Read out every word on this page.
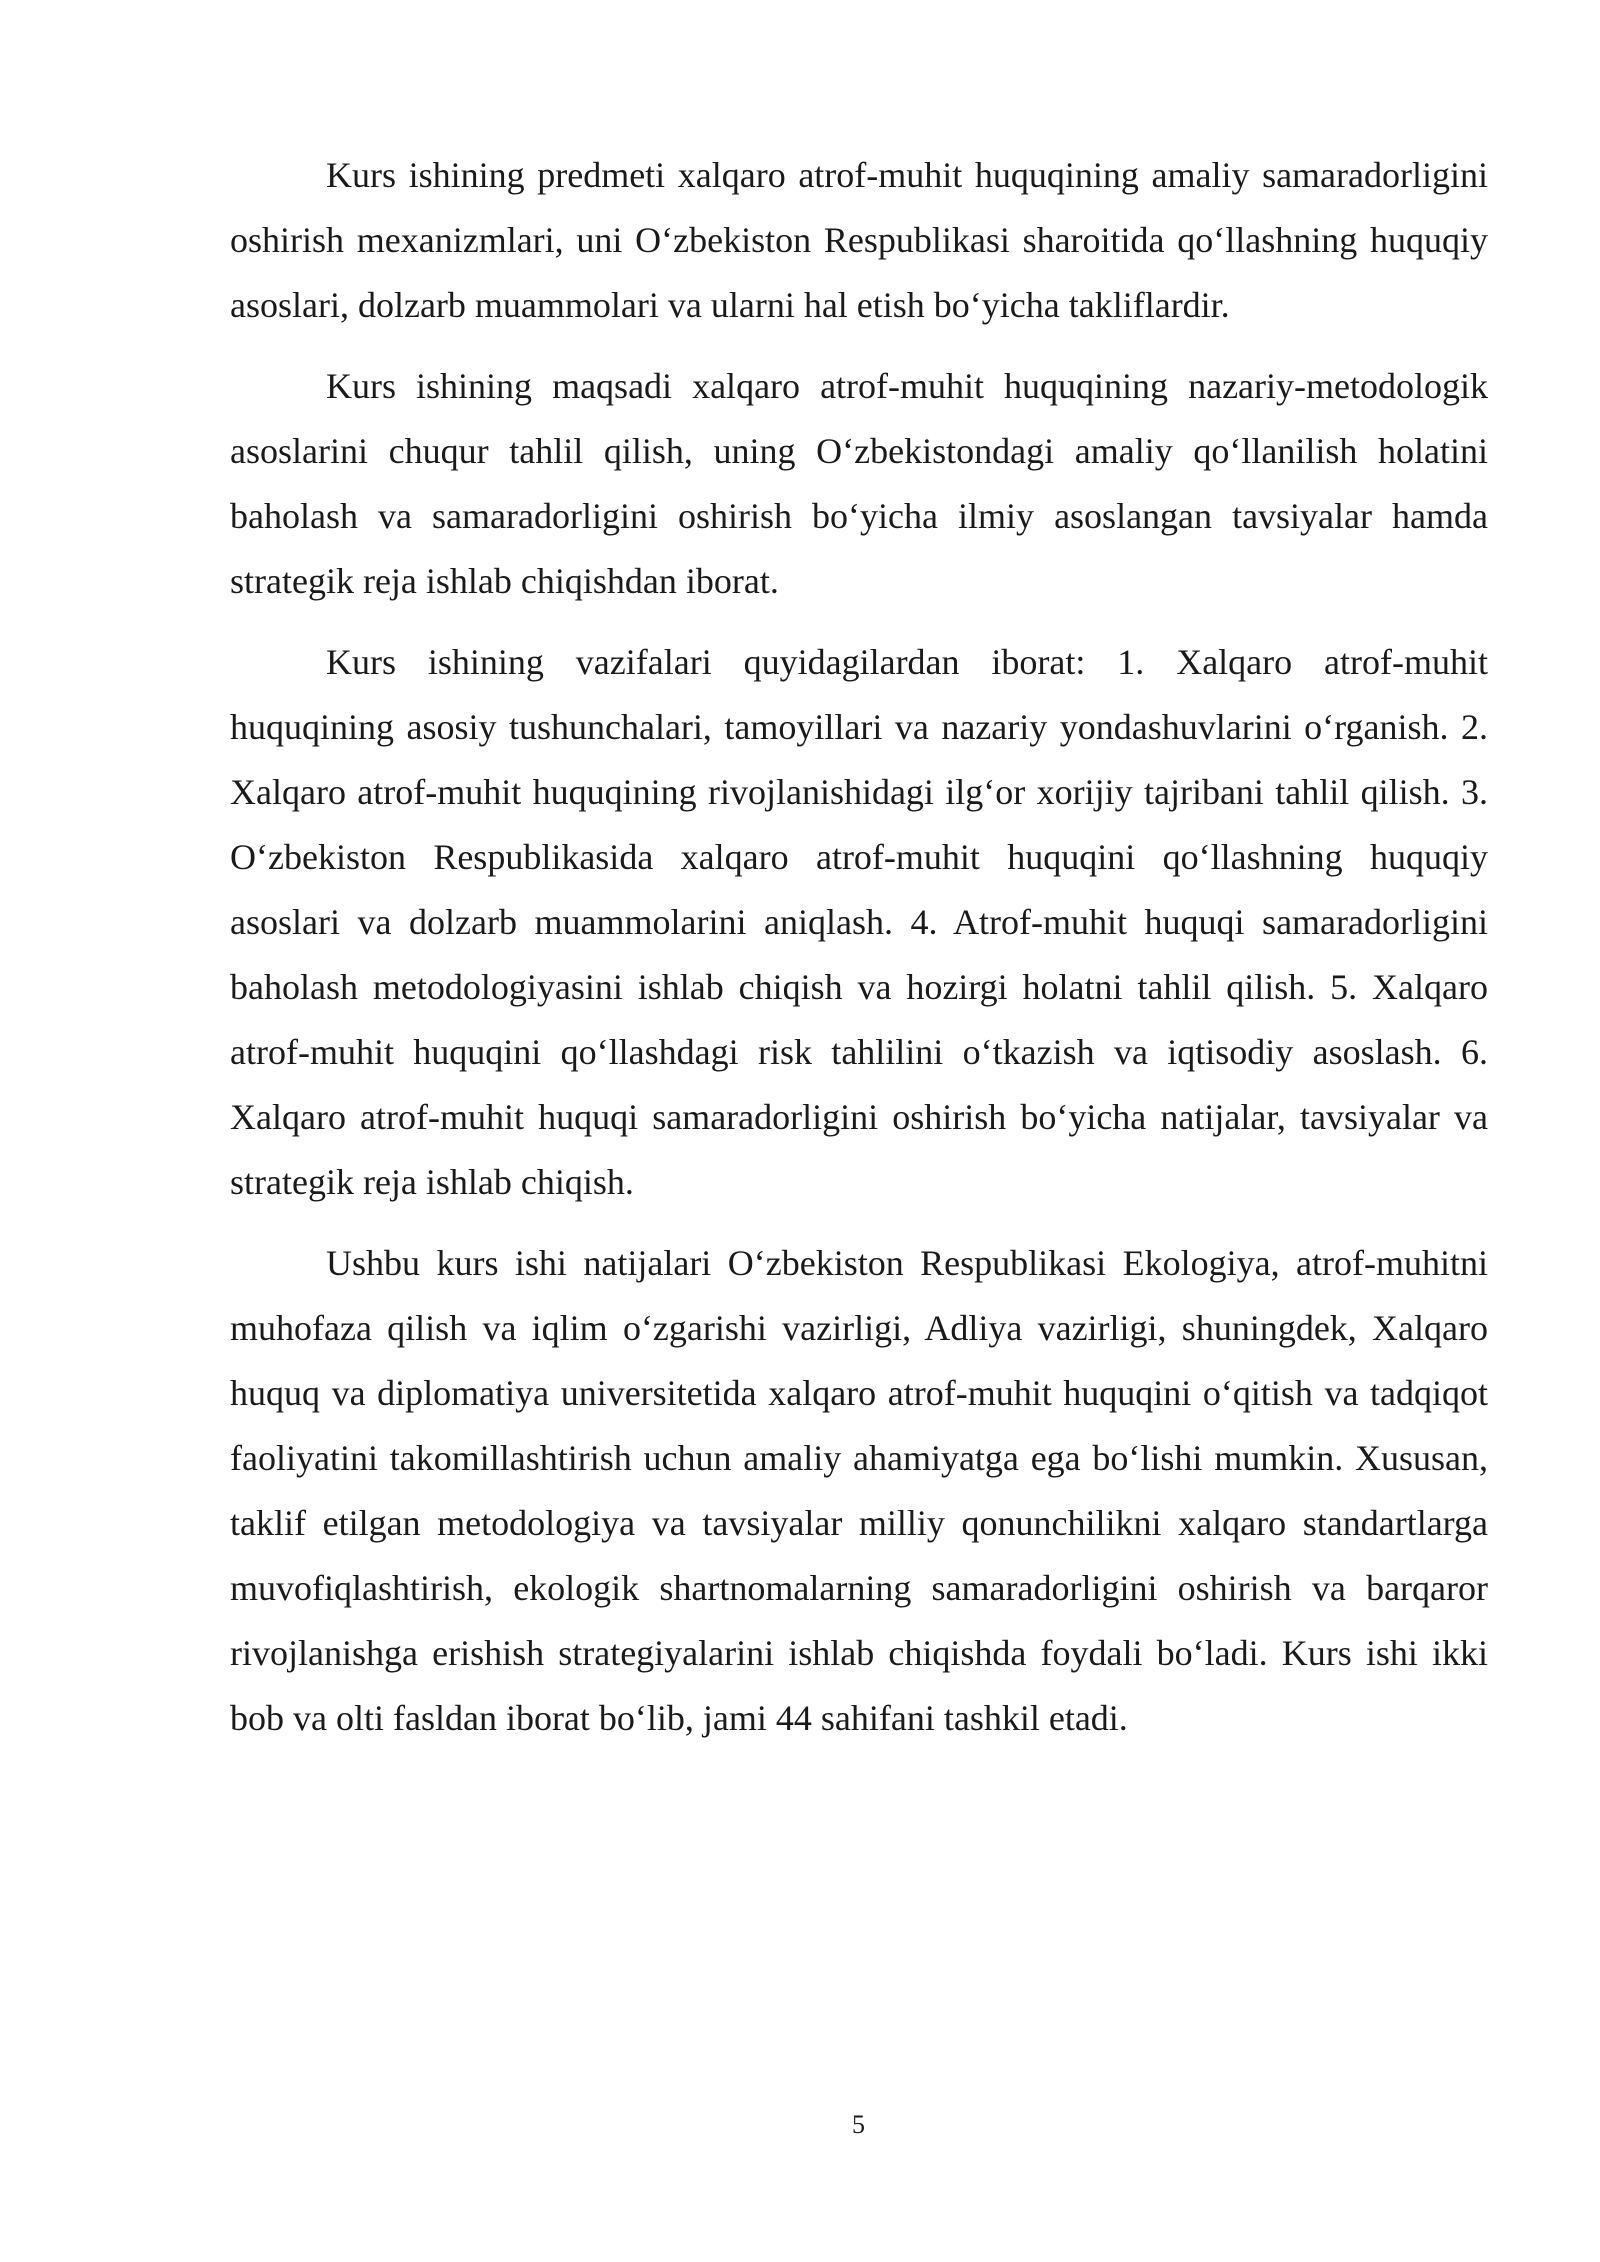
Kurs ishining predmeti xalqaro atrof-muhit huquqining amaliy samaradorligini oshirish mexanizmlari, uni O‘zbekiston Respublikasi sharoitida qo‘llashning huquqiy asoslari, dolzarb muammolari va ularni hal etish bo‘yicha takliflardir.

Kurs ishining maqsadi xalqaro atrof-muhit huquqining nazariy-metodologik asoslarini chuqur tahlil qilish, uning O‘zbekistondagi amaliy qo‘llanilish holatini baholash va samaradorligini oshirish bo‘yicha ilmiy asoslangan tavsiyalar hamda strategik reja ishlab chiqishdan iborat.

Kurs ishining vazifalari quyidagilardan iborat: 1. Xalqaro atrof-muhit huquqining asosiy tushunchalari, tamoyillari va nazariy yondashuvlarini o‘rganish. 2. Xalqaro atrof-muhit huquqining rivojlanishidagi ilg‘or xorijiy tajribani tahlil qilish. 3. O‘zbekiston Respublikasida xalqaro atrof-muhit huquqini qo‘llashning huquqiy asoslari va dolzarb muammolarini aniqlash. 4. Atrof-muhit huquqi samaradorligini baholash metodologiyasini ishlab chiqish va hozirgi holatni tahlil qilish. 5. Xalqaro atrof-muhit huquqini qo‘llashdagi risk tahlilini o‘tkazish va iqtisodiy asoslash. 6. Xalqaro atrof-muhit huquqi samaradorligini oshirish bo‘yicha natijalar, tavsiyalar va strategik reja ishlab chiqish.

Ushbu kurs ishi natijalari O‘zbekiston Respublikasi Ekologiya, atrof-muhitni muhofaza qilish va iqlim o‘zgarishi vazirligi, Adliya vazirligi, shuningdek, Xalqaro huquq va diplomatiya universitetida xalqaro atrof-muhit huquqini o‘qitish va tadqiqot faoliyatini takomillashtirish uchun amaliy ahamiyatga ega bo‘lishi mumkin. Xususan, taklif etilgan metodologiya va tavsiyalar milliy qonunchilikni xalqaro standartlarga muvofiqlashtirish, ekologik shartnomalarning samaradorligini oshirish va barqaror rivojlanishga erishish strategiyalarini ishlab chiqishda foydali bo‘ladi. Kurs ishi ikki bob va olti fasldan iborat bo‘lib, jami 44 sahifani tashkil etadi.

5
